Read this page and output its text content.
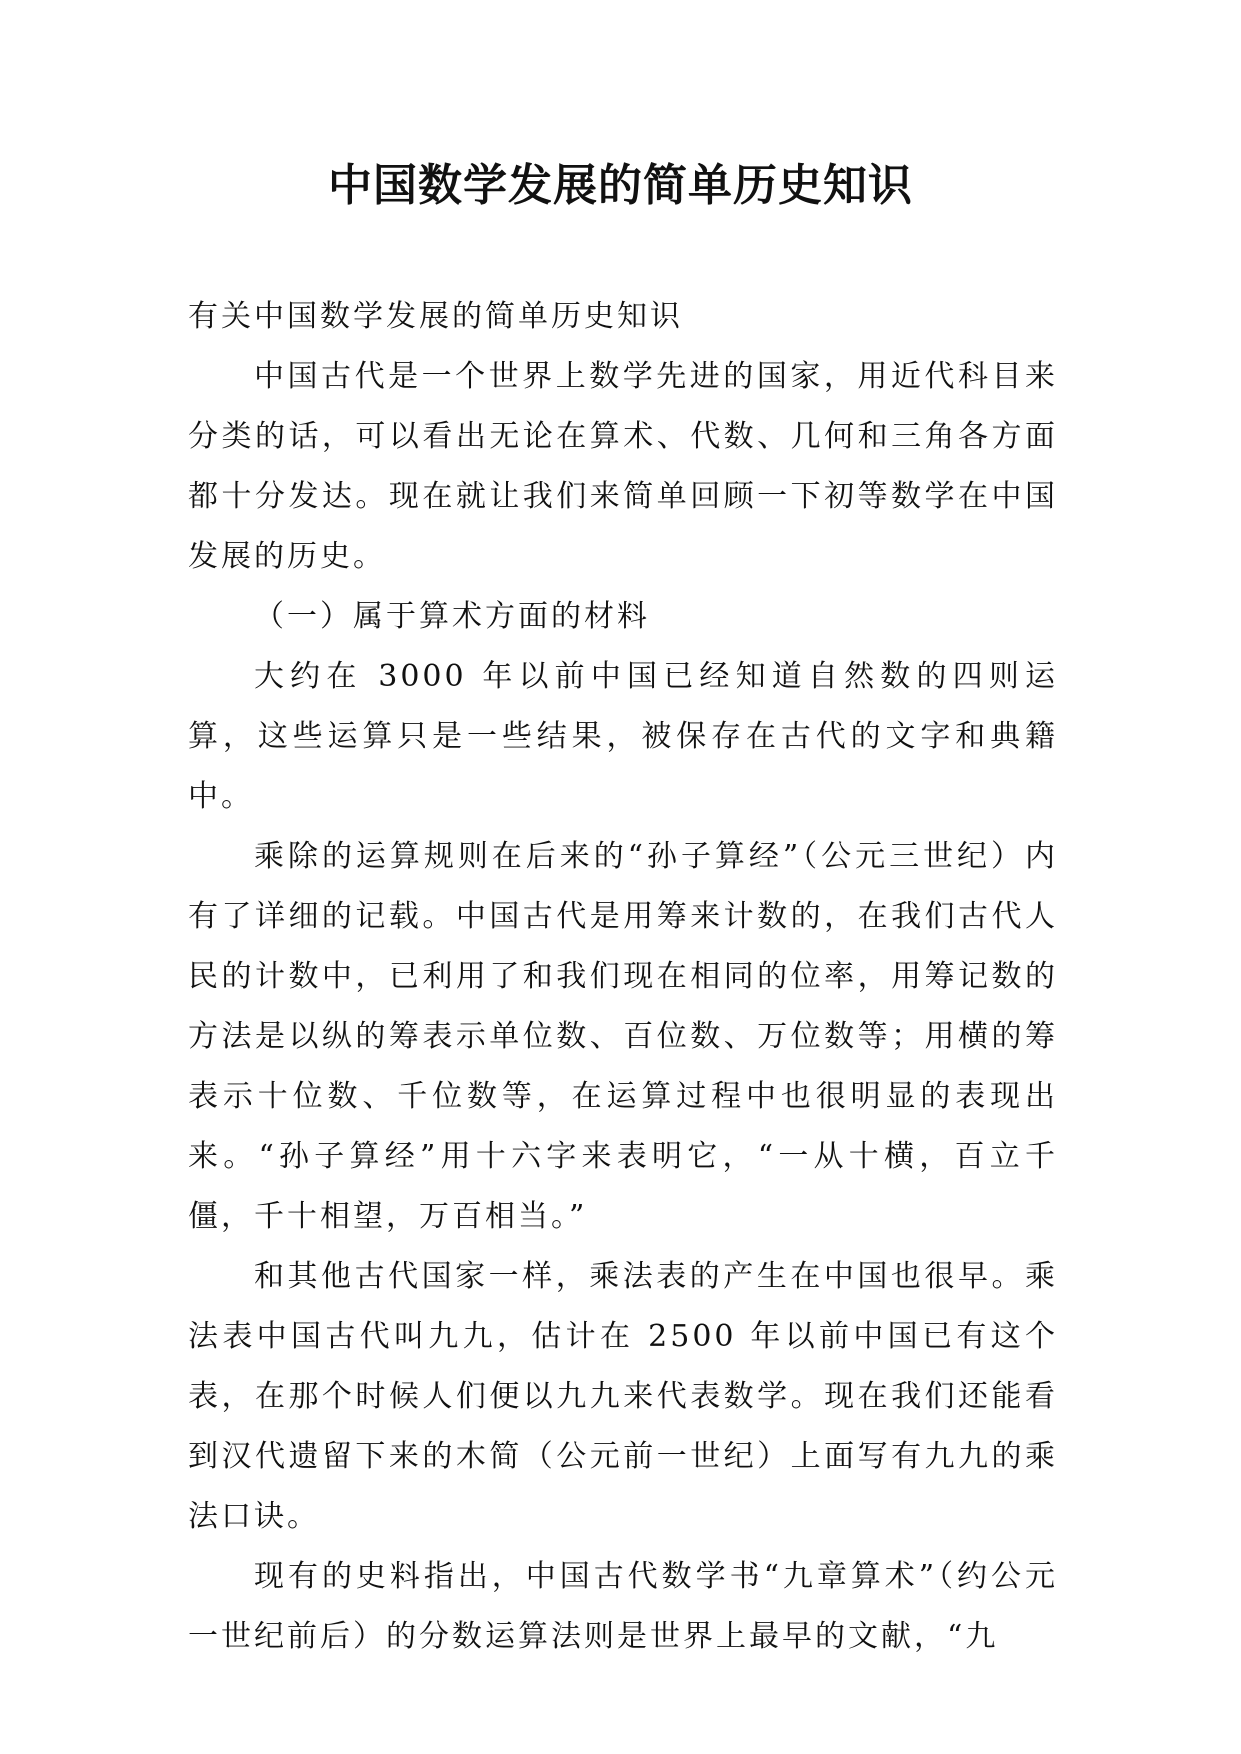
中国数学发展的简单历史知识

有关中国数学发展的简单历史知识

中国古代是一个世界上数学先进的国家，用近代科目来分类的话，可以看出无论在算术、代数、几何和三角各方面都十分发达。现在就让我们来简单回顾一下初等数学在中国发展的历史。

（一）属于算术方面的材料

大约在 3000 年以前中国已经知道自然数的四则运算，这些运算只是一些结果，被保存在古代的文字和典籍中。

乘除的运算规则在后来的“孙子算经”（公元三世纪）内有了详细的记载。中国古代是用筹来计数的，在我们古代人民的计数中，已利用了和我们现在相同的位率，用筹记数的方法是以纵的筹表示单位数、百位数、万位数等；用横的筹表示十位数、千位数等，在运算过程中也很明显的表现出来。“孙子算经”用十六字来表明它，“一从十横，百立千僵，千十相望，万百相当。”

和其他古代国家一样，乘法表的产生在中国也很早。乘法表中国古代叫九九，估计在 2500 年以前中国已有这个表，在那个时候人们便以九九来代表数学。现在我们还能看到汉代遗留下来的木简（公元前一世纪）上面写有九九的乘法口诀。

现有的史料指出，中国古代数学书“九章算术”（约公元一世纪前后）的分数运算法则是世界上最早的文献，“九
